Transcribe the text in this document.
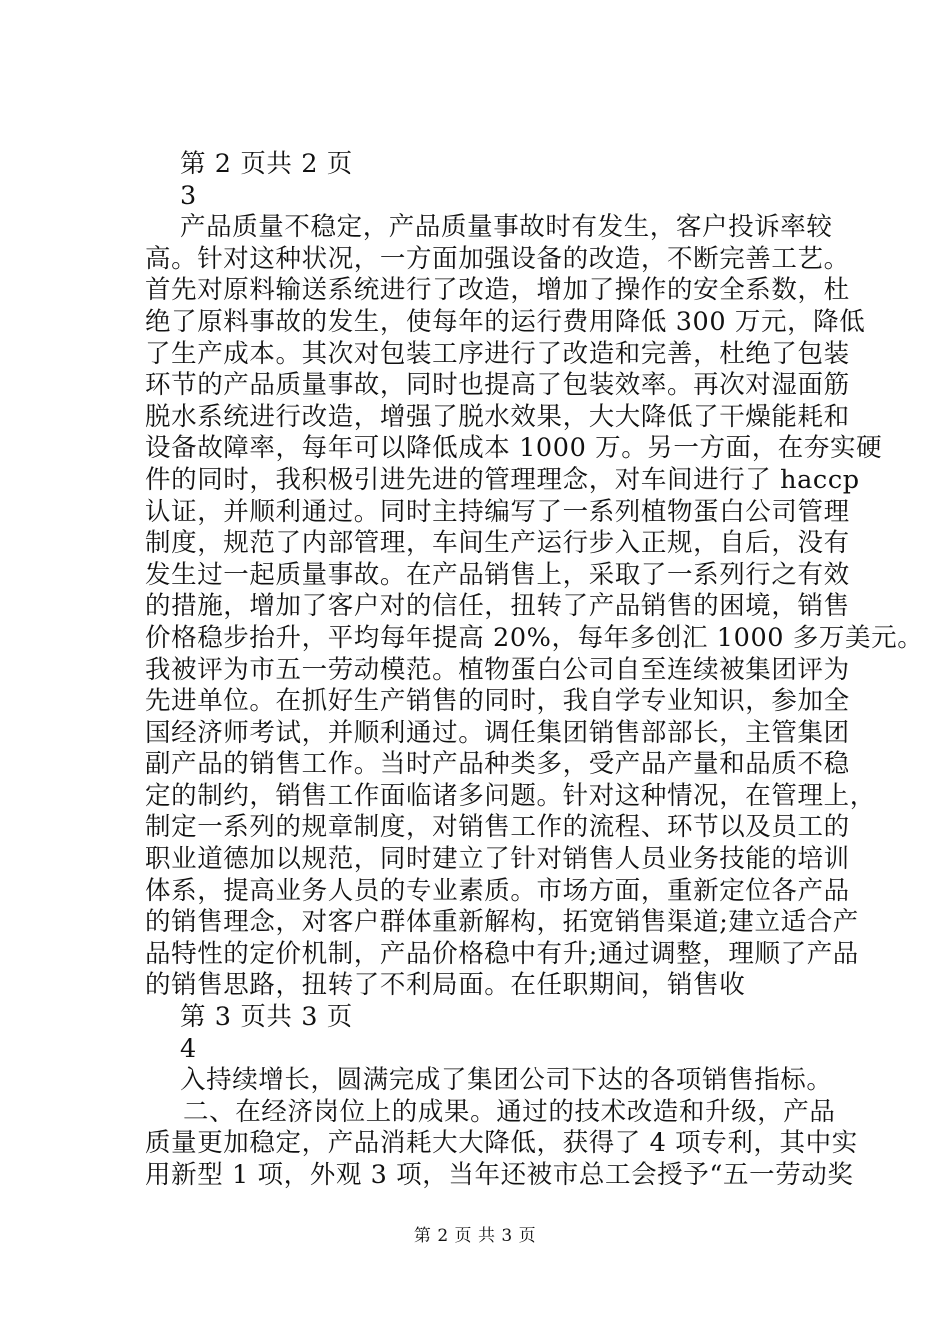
第 2 页共 2 页
3
产品质量不稳定，产品质量事故时有发生，客户投诉率较
高。针对这种状况，一方面加强设备的改造，不断完善工艺。
首先对原料输送系统进行了改造，增加了操作的安全系数，杜
绝了原料事故的发生，使每年的运行费用降低 300 万元，降低
了生产成本。其次对包装工序进行了改造和完善，杜绝了包装
环节的产品质量事故，同时也提高了包装效率。再次对湿面筋
脱水系统进行改造，增强了脱水效果，大大降低了干燥能耗和
设备故障率，每年可以降低成本 1000 万。另一方面，在夯实硬
件的同时，我积极引进先进的管理理念，对车间进行了 haccp
认证，并顺利通过。同时主持编写了一系列植物蛋白公司管理
制度，规范了内部管理，车间生产运行步入正规，自后，没有
发生过一起质量事故。在产品销售上，采取了一系列行之有效
的措施，增加了客户对的信任，扭转了产品销售的困境，销售
价格稳步抬升，平均每年提高 20%，每年多创汇 1000 多万美元。
我被评为市五一劳动模范。植物蛋白公司自至连续被集团评为
先进单位。在抓好生产销售的同时，我自学专业知识，参加全
国经济师考试，并顺利通过。调任集团销售部部长，主管集团
副产品的销售工作。当时产品种类多，受产品产量和品质不稳
定的制约，销售工作面临诸多问题。针对这种情况，在管理上，
制定一系列的规章制度，对销售工作的流程、环节以及员工的
职业道德加以规范，同时建立了针对销售人员业务技能的培训
体系，提高业务人员的专业素质。市场方面，重新定位各产品
的销售理念，对客户群体重新解构，拓宽销售渠道;建立适合产
品特性的定价机制，产品价格稳中有升;通过调整，理顺了产品
的销售思路，扭转了不利局面。在任职期间，销售收
第 3 页共 3 页
4
入持续增长，圆满完成了集团公司下达的各项销售指标。
二、在经济岗位上的成果。通过的技术改造和升级，产品
质量更加稳定，产品消耗大大降低，获得了 4 项专利，其中实
用新型 1 项，外观 3 项，当年还被市总工会授予“五一劳动奖
第 2 页 共 3 页
